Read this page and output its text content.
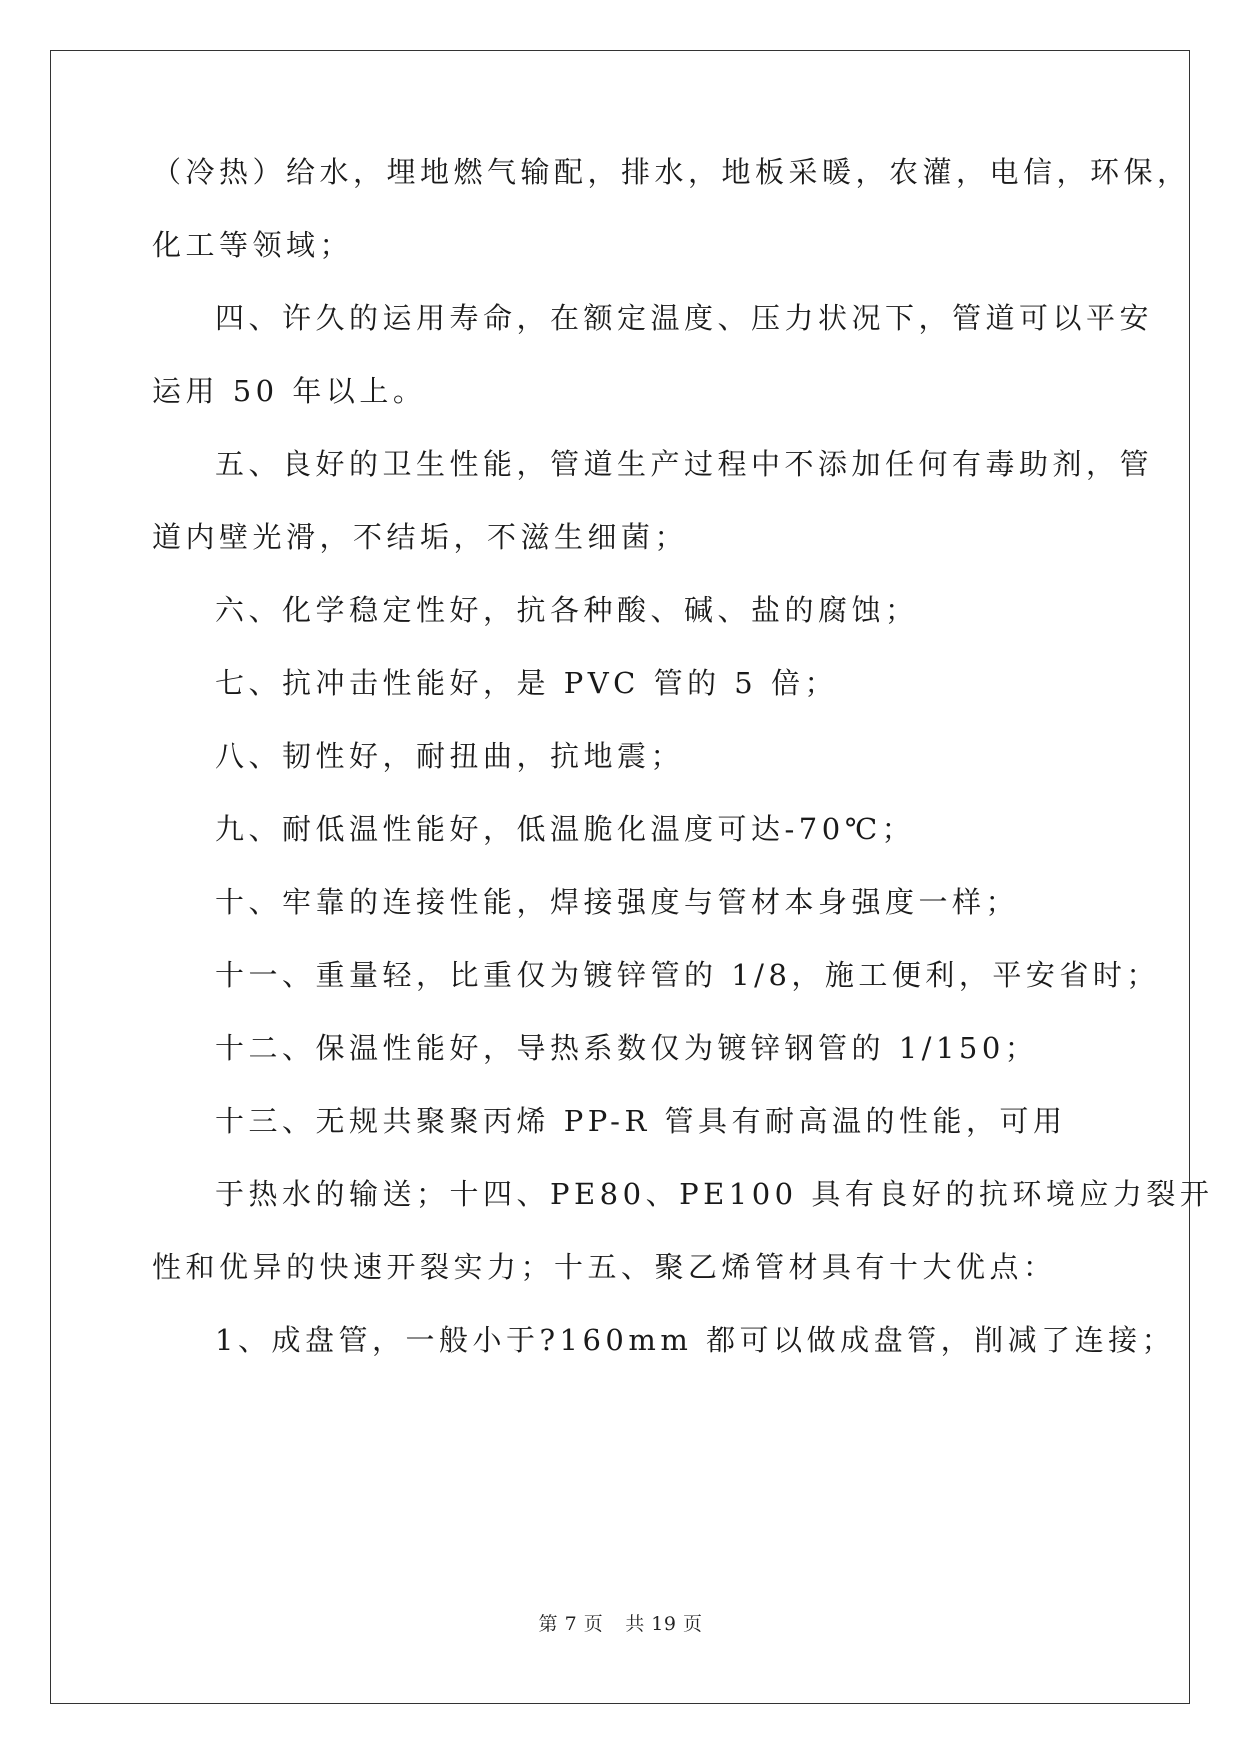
（冷热）给水，埋地燃气输配，排水，地板采暖，农灌，电信，环保，
化工等领域；
四、许久的运用寿命，在额定温度、压力状况下，管道可以平安
运用 50 年以上。
五、良好的卫生性能，管道生产过程中不添加任何有毒助剂，管
道内壁光滑，不结垢，不滋生细菌；
六、化学稳定性好，抗各种酸、碱、盐的腐蚀；
七、抗冲击性能好，是 PVC 管的 5 倍；
八、韧性好，耐扭曲，抗地震；
九、耐低温性能好，低温脆化温度可达-70℃；
十、牢靠的连接性能，焊接强度与管材本身强度一样；
十一、重量轻，比重仅为镀锌管的 1/8，施工便利，平安省时；
十二、保温性能好，导热系数仅为镀锌钢管的 1/150；
十三、无规共聚聚丙烯 PP-R 管具有耐高温的性能，可用
于热水的输送；十四、PE80、PE100 具有良好的抗环境应力裂开
性和优异的快速开裂实力；十五、聚乙烯管材具有十大优点：
1、成盘管，一般小于?160mm 都可以做成盘管，削减了连接；
第 7 页 共 19 页
